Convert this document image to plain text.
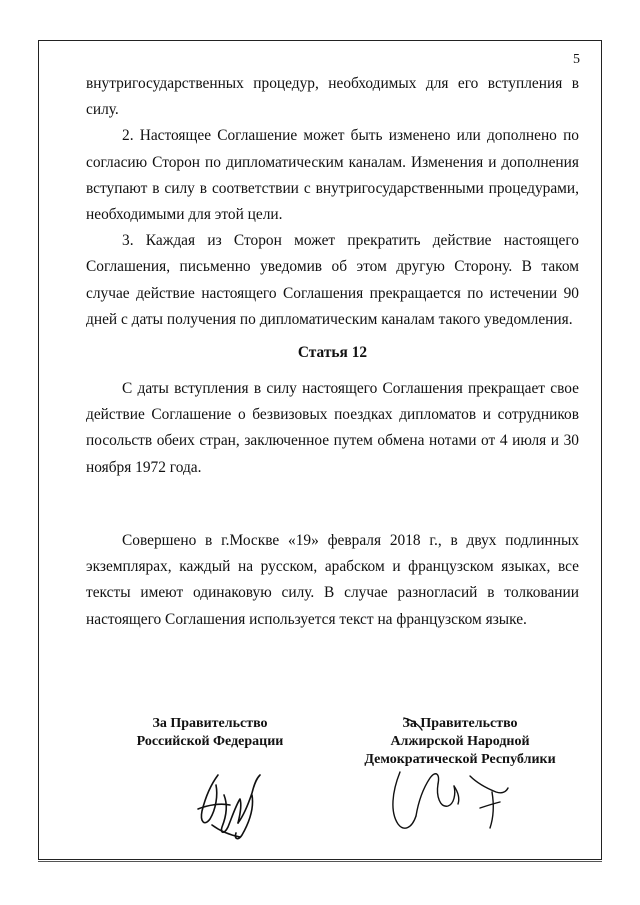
5

внутригосударственных процедур, необходимых для его вступления в силу.

2. Настоящее Соглашение может быть изменено или дополнено по согласию Сторон по дипломатическим каналам. Изменения и дополнения вступают в силу в соответствии с внутригосударственными процедурами, необходимыми для этой цели.

3. Каждая из Сторон может прекратить действие настоящего Соглашения, письменно уведомив об этом другую Сторону. В таком случае действие настоящего Соглашения прекращается по истечении 90 дней с даты получения по дипломатическим каналам такого уведомления.

Статья 12

С даты вступления в силу настоящего Соглашения прекращает свое действие Соглашение о безвизовых поездках дипломатов и сотрудников посольств обеих стран, заключенное путем обмена нотами от 4 июля и 30 ноября 1972 года.

Совершено в г.Москве «19» февраля 2018 г., в двух подлинных экземплярах, каждый на русском, арабском и французском языках, все тексты имеют одинаковую силу. В случае разногласий в толковании настоящего Соглашения используется текст на французском языке.

За Правительство
Российской Федерации
За Правительство
Алжирской Народной
Демократической Республики
